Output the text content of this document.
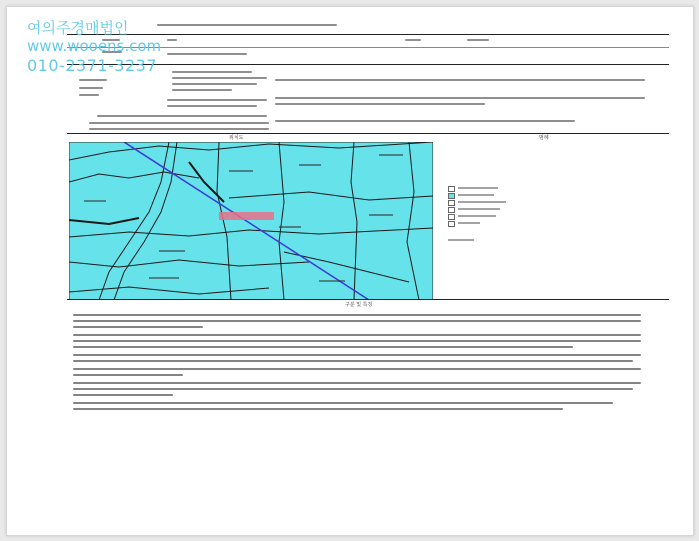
여의주경매법인
www.wooens.com
010-2371-3237
위치도	범례
구분 및 특징
